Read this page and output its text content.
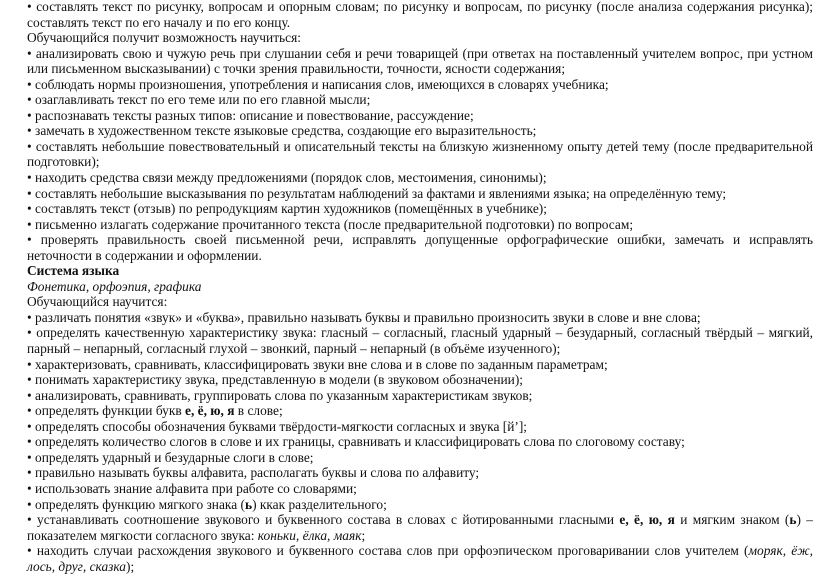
• составлять текст по рисунку, вопросам и опорным словам; по рисунку и вопросам, по рисунку (после анализа содержания рисунка); составлять текст по его началу и по его концу.

Обучающийся получит возможность научиться:

• анализировать свою и чужую речь при слушании себя и речи товарищей (при ответах на поставленный учителем вопрос, при устном или письменном высказывании) с точки зрения правильности, точности, ясности содержания;

• соблюдать нормы произношения, употребления и написания слов, имеющихся в словарях учебника;

• озаглавливать текст по его теме или по его главной мысли;

• распознавать тексты разных типов: описание и повествование, рассуждение;

• замечать в художественном тексте языковые средства, создающие его выразительность;

• составлять небольшие повествовательный и описательный тексты на близкую жизненному опыту детей тему (после предварительной подготовки);

• находить средства связи между предложениями (порядок слов, местоимения, синонимы);

• составлять небольшие высказывания по результатам наблюдений за фактами и явлениями языка; на определённую тему;

• составлять текст (отзыв) по репродукциям картин художников (помещённых в учебнике);

• письменно излагать содержание прочитанного текста (после предварительной подготовки) по вопросам;

• проверять правильность своей письменной речи, исправлять допущенные орфографические ошибки, замечать и исправлять неточности в содержании и оформлении.

Система языка

Фонетика, орфоэпия, графика

Обучающийся научится:

• различать понятия «звук» и «буква», правильно называть буквы и правильно произносить звуки в слове и вне слова;

• определять качественную характеристику звука: гласный – согласный, гласный ударный – безударный, согласный твёрдый – мягкий, парный – непарный, согласный глухой – звонкий, парный – непарный (в объёме изученного);

• характеризовать, сравнивать, классифицировать звуки вне слова и в слове по заданным параметрам;

• понимать характеристику звука, представленную в модели (в звуковом обозначении);

• анализировать, сравнивать, группировать слова по указанным характеристикам звуков;

• определять функции букв е, ё, ю, я в слове;

• определять способы обозначения буквами твёрдости-мягкости согласных и звука [й’];

• определять количество слогов в слове и их границы, сравнивать и классифицировать слова по слоговому составу;

• определять ударный и безударные слоги в слове;

• правильно называть буквы алфавита, располагать буквы и слова по алфавиту;

• использовать знание алфавита при работе со словарями;

• определять функцию мягкого знака (ь) ккак разделительного;

• устанавливать соотношение звукового и буквенного состава в словах с йотированными гласными е, ё, ю, я и мягким знаком (ь) – показателем мягкости согласного звука: коньки, ёлка, маяк;

• находить случаи расхождения звукового и буквенного состава слов при орфоэпическом проговаривании слов учителем (моряк, ёж, лось, друг, сказка);
